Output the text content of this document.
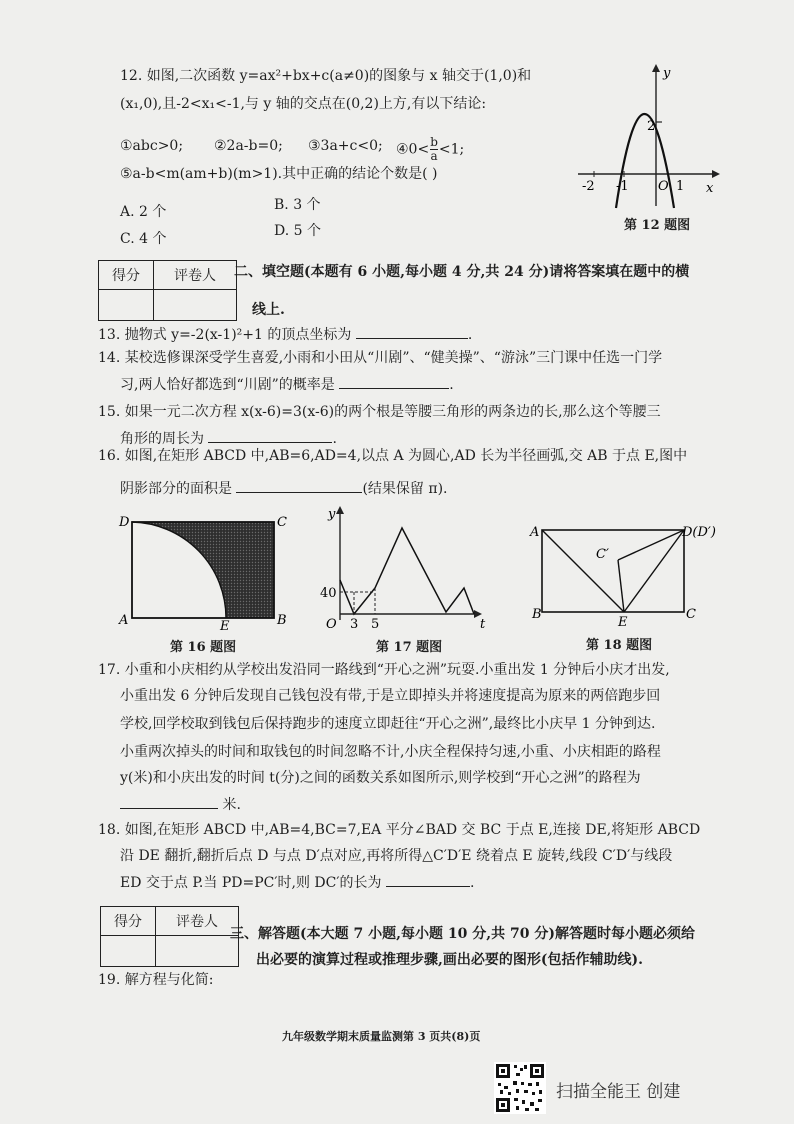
12. 如图,二次函数 y=ax²+bx+c(a≠0)的图象与 x 轴交于(1,0)和
(x₁,0),且-2<x₁<-1,与 y 轴的交点在(0,2)上方,有以下结论:
①abc>0; ②2a-b=0; ③3a+c<0; ④0< $\frac{b}{a} <1$;
⑤a-b<m(am+b)(m>1).其中正确的结论个数是( )
A. 2 个	B. 3 个
C. 4 个	D. 5 个
y
x
2
-2 -1 O 1
第 12 题图
得分	评卷人
	二、填空题(本题有 6 小题,每小题 4 分,共 24 分)请将答案填在题中的横
线上.
13. 抛物式 y=-2(x-1)²+1 的顶点坐标为	.
14. 某校选修课深受学生喜爱,小雨和小田从“川剧”、“健美操”、“游泳”三门课中任选一门学
习,两人恰好都选到“川剧”的概率是	.
15. 如果一元二次方程 x(x-6)=3(x-6)的两个根是等腰三角形的两条边的长,那么这个等腰三
角形的周长为	.
16. 如图,在矩形 ABCD 中,AB=6,AD=4,以点 A 为圆心,AD 长为半径画弧,交 AB 于点 E,图中
阴影部分的面积是	(结果保留 π).
D	C
A	E	B
第 16 题图
y
t
40
O 3 5
第 17 题图
A	D(D′)
C′
B
E
C
第 18 题图
17. 小重和小庆相约从学校出发沿同一路线到“开心之洲”玩耍.小重出发 1 分钟后小庆才出发,
小重出发 6 分钟后发现自己钱包没有带,于是立即掉头并将速度提高为原来的两倍跑步回
学校,回学校取到钱包后保持跑步的速度立即赶往“开心之洲”,最终比小庆早 1 分钟到达.
小重两次掉头的时间和取钱包的时间忽略不计,小庆全程保持匀速,小重、小庆相距的路程
y(米)和小庆出发的时间 t(分)之间的函数关系如图所示,则学校到“开心之洲”的路程为
米.
18. 如图,在矩形 ABCD 中,AB=4,BC=7,EA 平分∠BAD 交 BC 于点 E,连接 DE,将矩形 ABCD
沿 DE 翻折,翻折后点 D 与点 D′点对应,再将所得△C′D′E 绕着点 E 旋转,线段 C′D′与线段
ED 交于点 P.当 PD=PC′时,则 DC′的长为	.
得分	评卷人

三、解答题(本大题 7 小题,每小题 10 分,共 70 分)解答题时每小题必须给
出必要的演算过程或推理步骤,画出必要的图形(包括作辅助线).
19. 解方程与化简:
九年级数学期末质量监测第 3 页共(8)页
扫描全能王 创建
